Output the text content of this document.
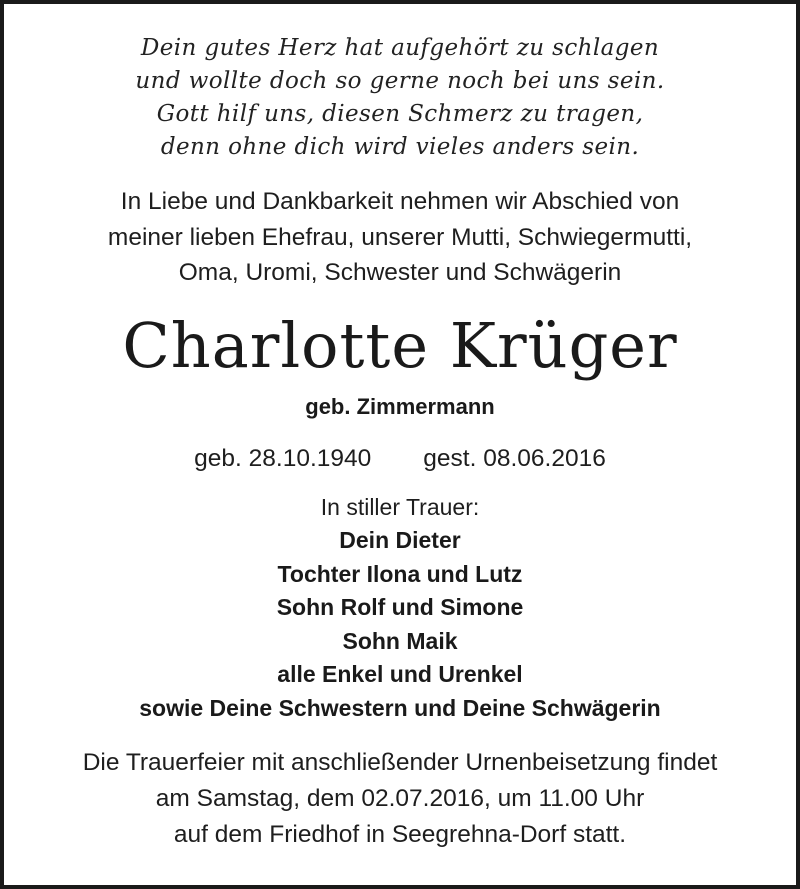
Dein gutes Herz hat aufgehört zu schlagen
und wollte doch so gerne noch bei uns sein.
Gott hilf uns, diesen Schmerz zu tragen,
denn ohne dich wird vieles anders sein.
In Liebe und Dankbarkeit nehmen wir Abschied von
meiner lieben Ehefrau, unserer Mutti, Schwiegermutti,
Oma, Uromi, Schwester und Schwägerin
Charlotte Krüger
geb. Zimmermann
geb. 28.10.1940 gest. 08.06.2016
In stiller Trauer:
Dein Dieter
Tochter Ilona und Lutz
Sohn Rolf und Simone
Sohn Maik
alle Enkel und Urenkel
sowie Deine Schwestern und Deine Schwägerin
Die Trauerfeier mit anschließender Urnenbeisetzung findet
am Samstag, dem 02.07.2016, um 11.00 Uhr
auf dem Friedhof in Seegrehna-Dorf statt.
